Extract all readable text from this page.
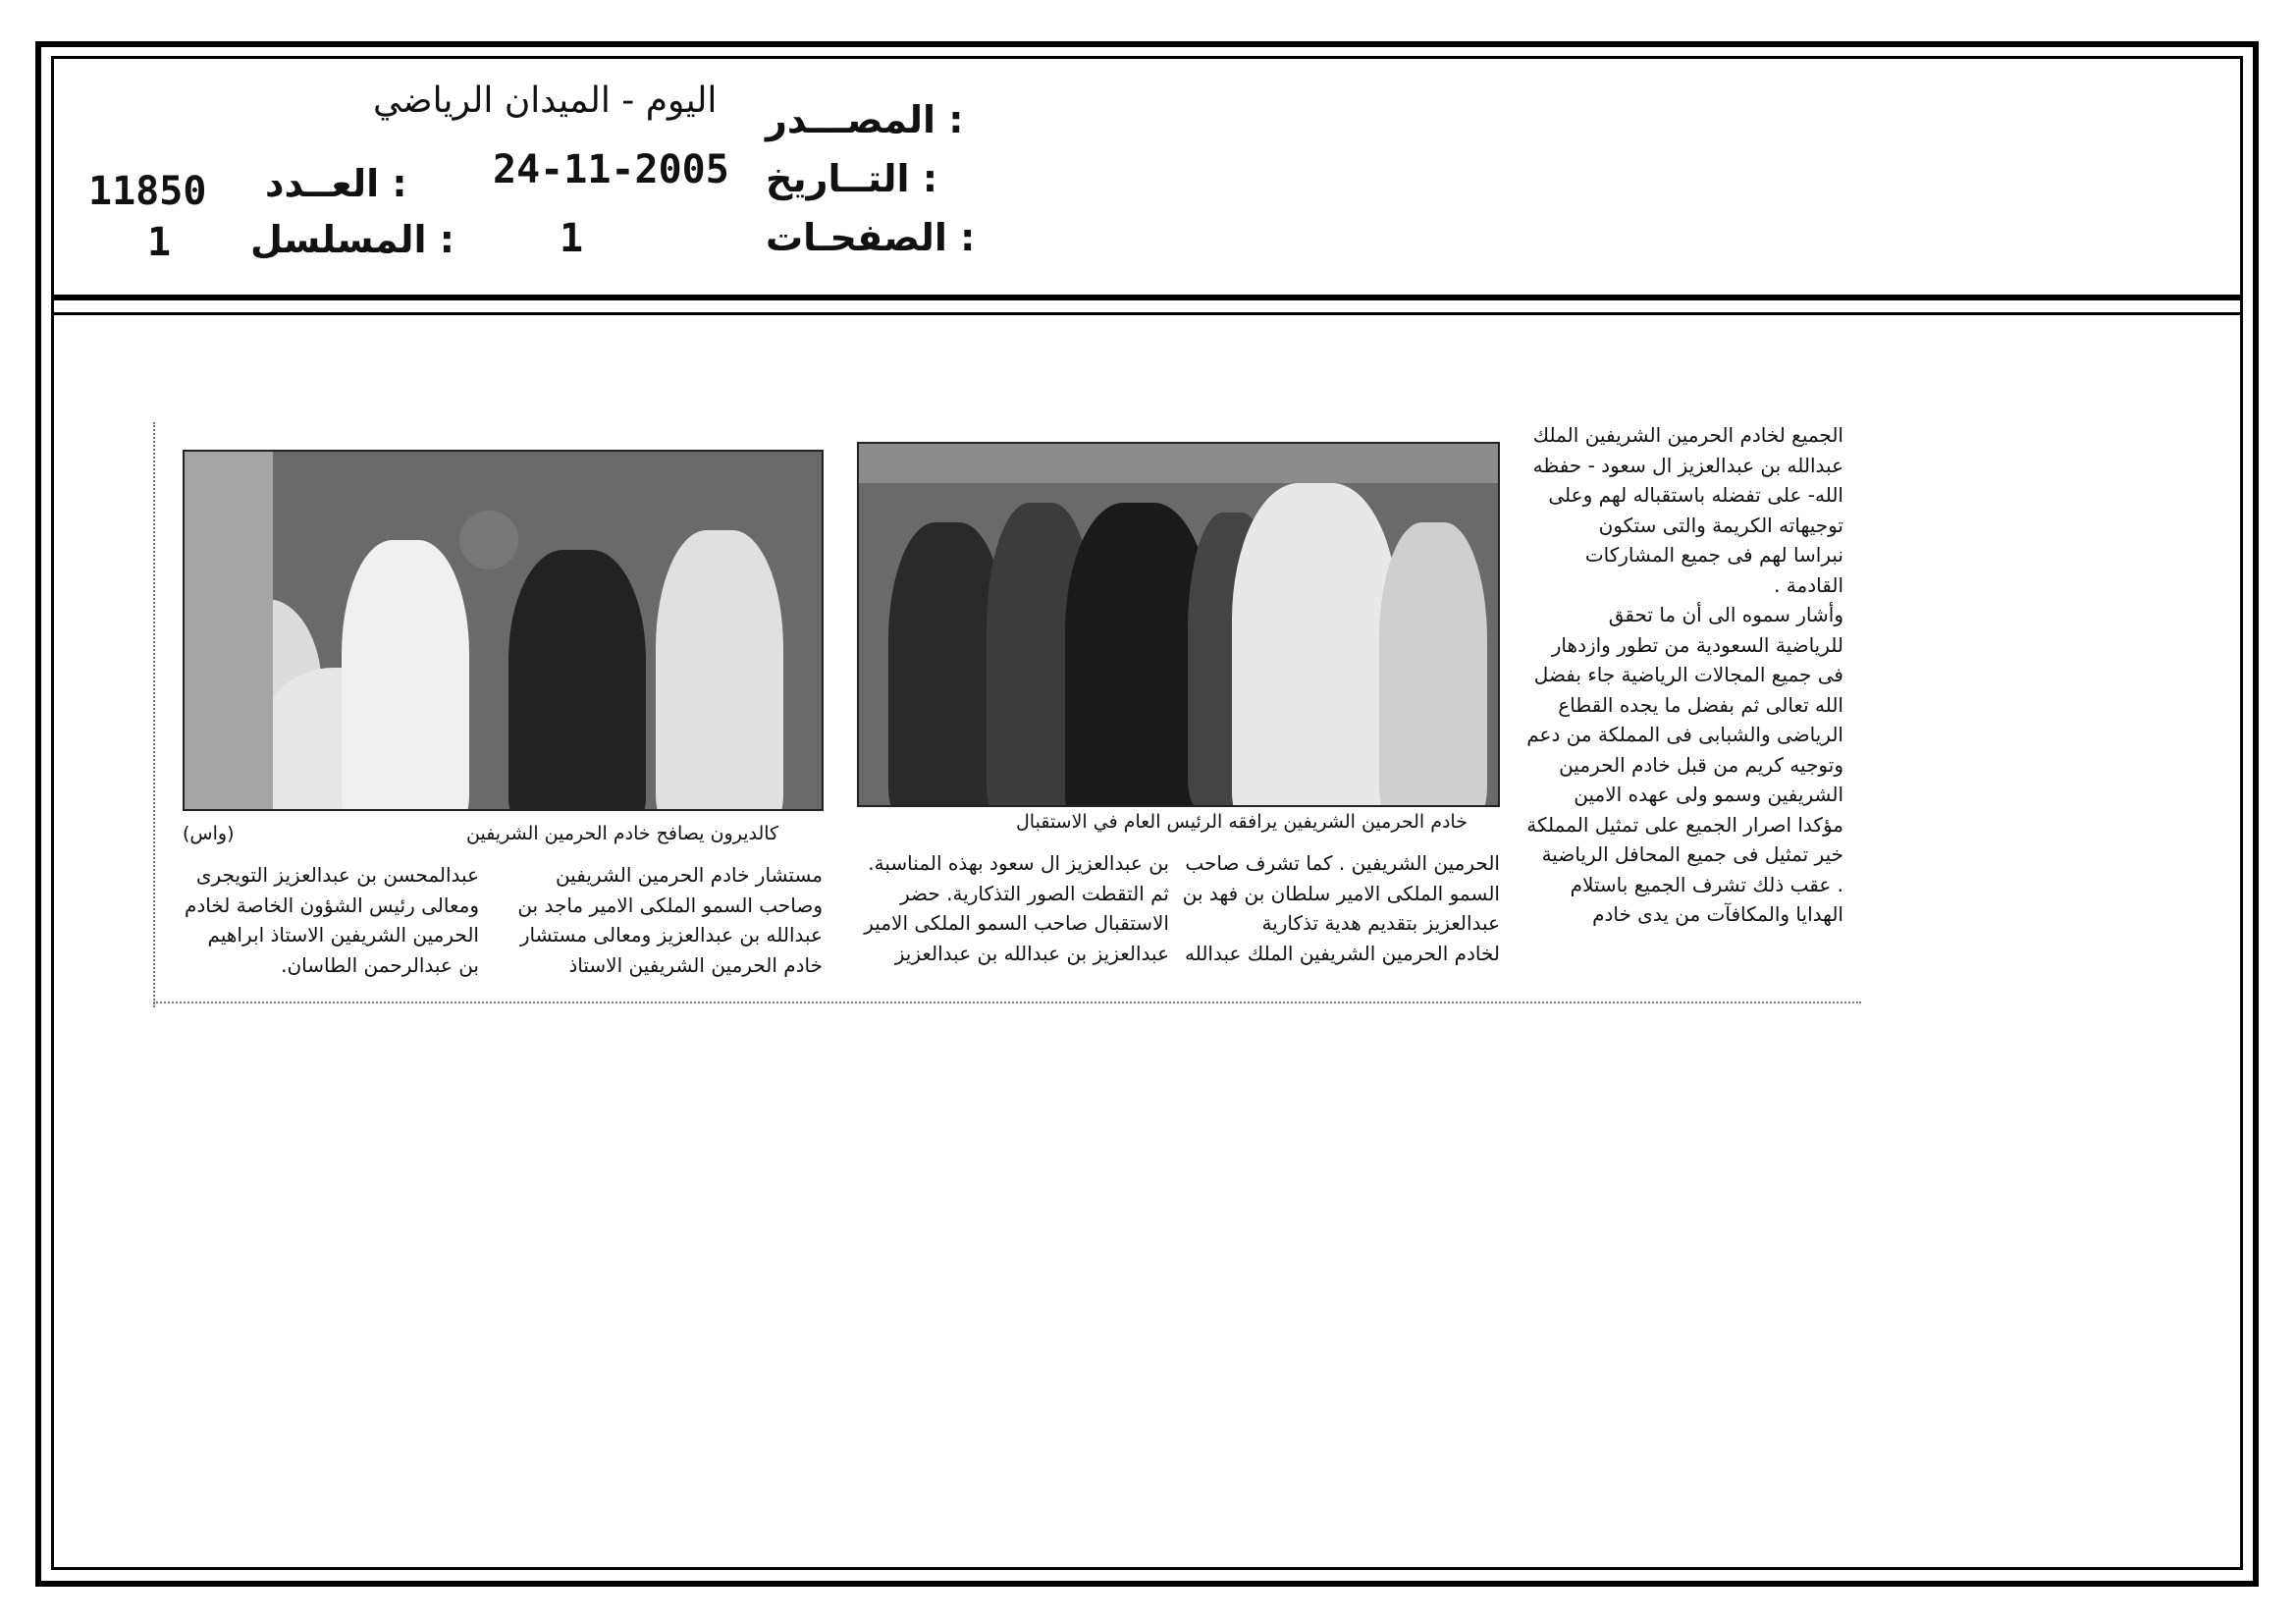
المصـــدر :
التــاريخ :
الصفحـات :
اليوم - الميدان الرياضي
24-11-2005
1
العــدد :
11850
المسلسل :
1
خادم الحرمين الشريفين يرافقه الرئيس العام في الاستقبال
كالديرون يصافح خادم الحرمين الشريفين
(واس)
الجميع لخادم الحرمين الشريفين الملك
عبدالله بن عبدالعزيز ال سعود - حفظه
الله- على تفضله باستقباله لهم وعلى
توجيهاته الكريمة والتى ستكون
نبراسا لهم فى جميع المشاركات
القادمة .
وأشار سموه الى أن ما تحقق
للرياضية السعودية من تطور وازدهار
فى جميع المجالات الرياضية جاء بفضل
الله تعالى ثم بفضل ما يجده القطاع
الرياضى والشبابى فى المملكة من دعم
وتوجيه كريم من قبل خادم الحرمين
الشريفين وسمو ولى عهده الامين
مؤكدا اصرار الجميع على تمثيل المملكة
خير تمثيل فى جميع المحافل الرياضية
. عقب ذلك تشرف الجميع باستلام
الهدايا والمكافآت من يدى خادم
الحرمين الشريفين . كما تشرف صاحب
السمو الملكى الامير سلطان بن فهد بن
عبدالعزيز بتقديم هدية تذكارية
لخادم الحرمين الشريفين الملك عبدالله
بن عبدالعزيز ال سعود بهذه المناسبة.
ثم التقطت الصور التذكارية. حضر
الاستقبال صاحب السمو الملكى الامير
عبدالعزيز بن عبدالله بن عبدالعزيز
مستشار خادم الحرمين الشريفين
وصاحب السمو الملكى الامير ماجد بن
عبدالله بن عبدالعزيز ومعالى مستشار
خادم الحرمين الشريفين الاستاذ
عبدالمحسن بن عبدالعزيز التويجرى
ومعالى رئيس الشؤون الخاصة لخادم
الحرمين الشريفين الاستاذ ابراهيم
بن عبدالرحمن الطاسان.
